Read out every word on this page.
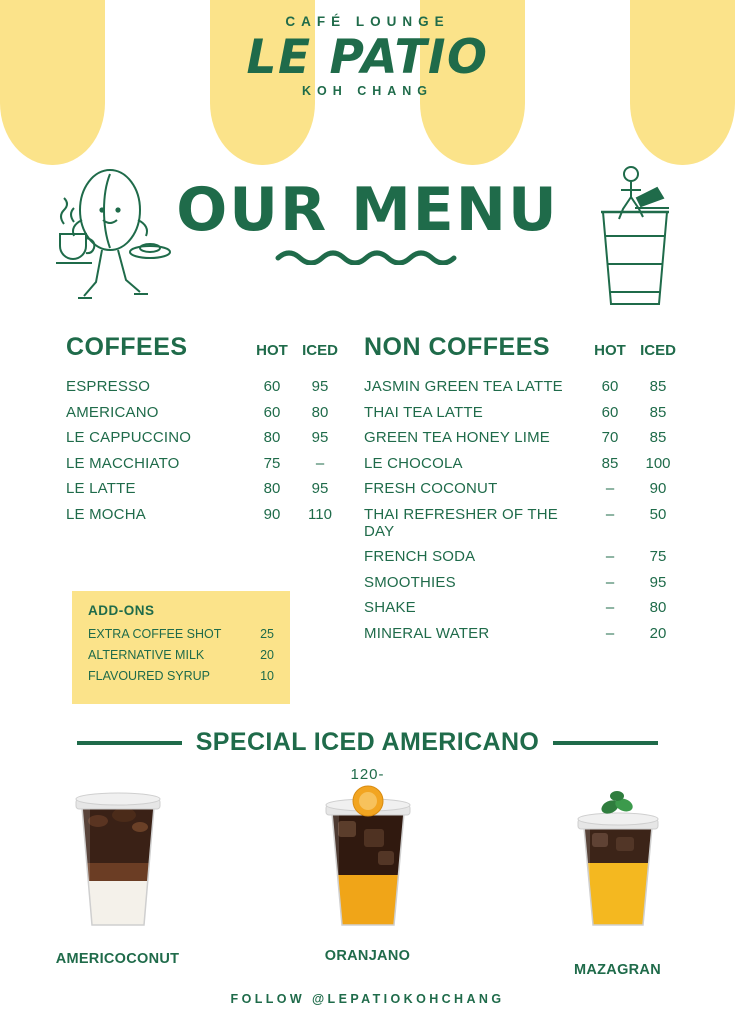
CAFÉ LOUNGE
LE PATIO
KOH CHANG
OUR MENU
COFFEES	HOT ICED
ESPRESSO	60	95
AMERICANO	60	80
LE CAPPUCCINO	80	95
LE MACCHIATO	75	–
LE LATTE	80	95
LE MOCHA	90	110
NON COFFEES	HOT ICED
JASMIN GREEN TEA LATTE	60	85
THAI TEA LATTE	60	85
GREEN TEA HONEY LIME	70	85
LE CHOCOLA	85	100
FRESH COCONUT	–	90
THAI REFRESHER OF THE DAY
–	50
FRENCH SODA	–	75
SMOOTHIES	–	95
SHAKE	–	80
MINERAL WATER	–	20
ADD-ONS
EXTRA COFFEE SHOT	25
ALTERNATIVE MILK	20
FLAVOURED SYRUP	10
SPECIAL ICED AMERICANO
120-
AMERICOCONUT	ORANJANO
MAZAGRAN
FOLLOW @LEPATIOKOHCHANG
